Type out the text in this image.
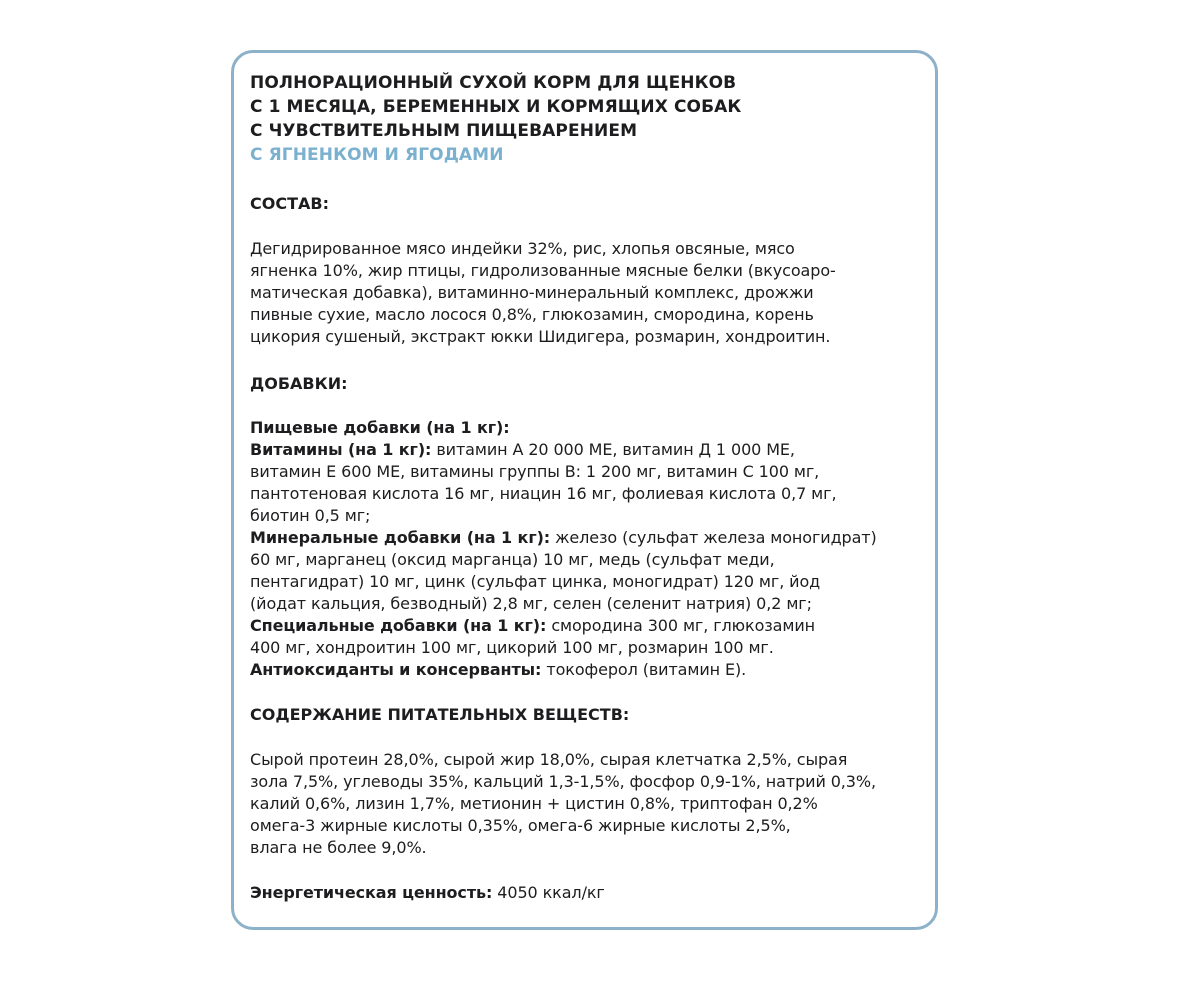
ПОЛНОРАЦИОННЫЙ СУХОЙ КОРМ ДЛЯ ЩЕНКОВ
С 1 МЕСЯЦА, БЕРЕМЕННЫХ И КОРМЯЩИХ СОБАК
С ЧУВСТВИТЕЛЬНЫМ ПИЩЕВАРЕНИЕМ
С ЯГНЕНКОМ И ЯГОДАМИ
СОСТАВ:
Дегидрированное мясо индейки 32%, рис, хлопья овсяные, мясо
ягненка 10%, жир птицы, гидролизованные мясные белки (вкусоаро-
матическая добавка), витаминно-минеральный комплекс, дрожжи
пивные сухие, масло лосося 0,8%, глюкозамин, смородина, корень
цикория сушеный, экстракт юкки Шидигера, розмарин, хондроитин.
ДОБАВКИ:
Пищевые добавки (на 1 кг):
Витамины (на 1 кг): витамин А 20 000 МЕ, витамин Д 1 000 МЕ,
витамин Е 600 МЕ, витамины группы В: 1 200 мг, витамин С 100 мг,
пантотеновая кислота 16 мг, ниацин 16 мг, фолиевая кислота 0,7 мг,
биотин 0,5 мг;
Минеральные добавки (на 1 кг): железо (сульфат железа моногидрат)
60 мг, марганец (оксид марганца) 10 мг, медь (сульфат меди,
пентагидрат) 10 мг, цинк (сульфат цинка, моногидрат) 120 мг, йод
(йодат кальция, безводный) 2,8 мг, селен (селенит натрия) 0,2 мг;
Специальные добавки (на 1 кг): смородина 300 мг, глюкозамин
400 мг, хондроитин 100 мг, цикорий 100 мг, розмарин 100 мг.
Антиоксиданты и консерванты: токоферол (витамин Е).
СОДЕРЖАНИЕ ПИТАТЕЛЬНЫХ ВЕЩЕСТВ:
Сырой протеин 28,0%, сырой жир 18,0%, сырая клетчатка 2,5%, сырая
зола 7,5%, углеводы 35%, кальций 1,3-1,5%, фосфор 0,9-1%, натрий 0,3%,
калий 0,6%, лизин 1,7%, метионин + цистин 0,8%, триптофан 0,2%
омега-3 жирные кислоты 0,35%, омега-6 жирные кислоты 2,5%,
влага не более 9,0%.
Энергетическая ценность: 4050 ккал/кг
